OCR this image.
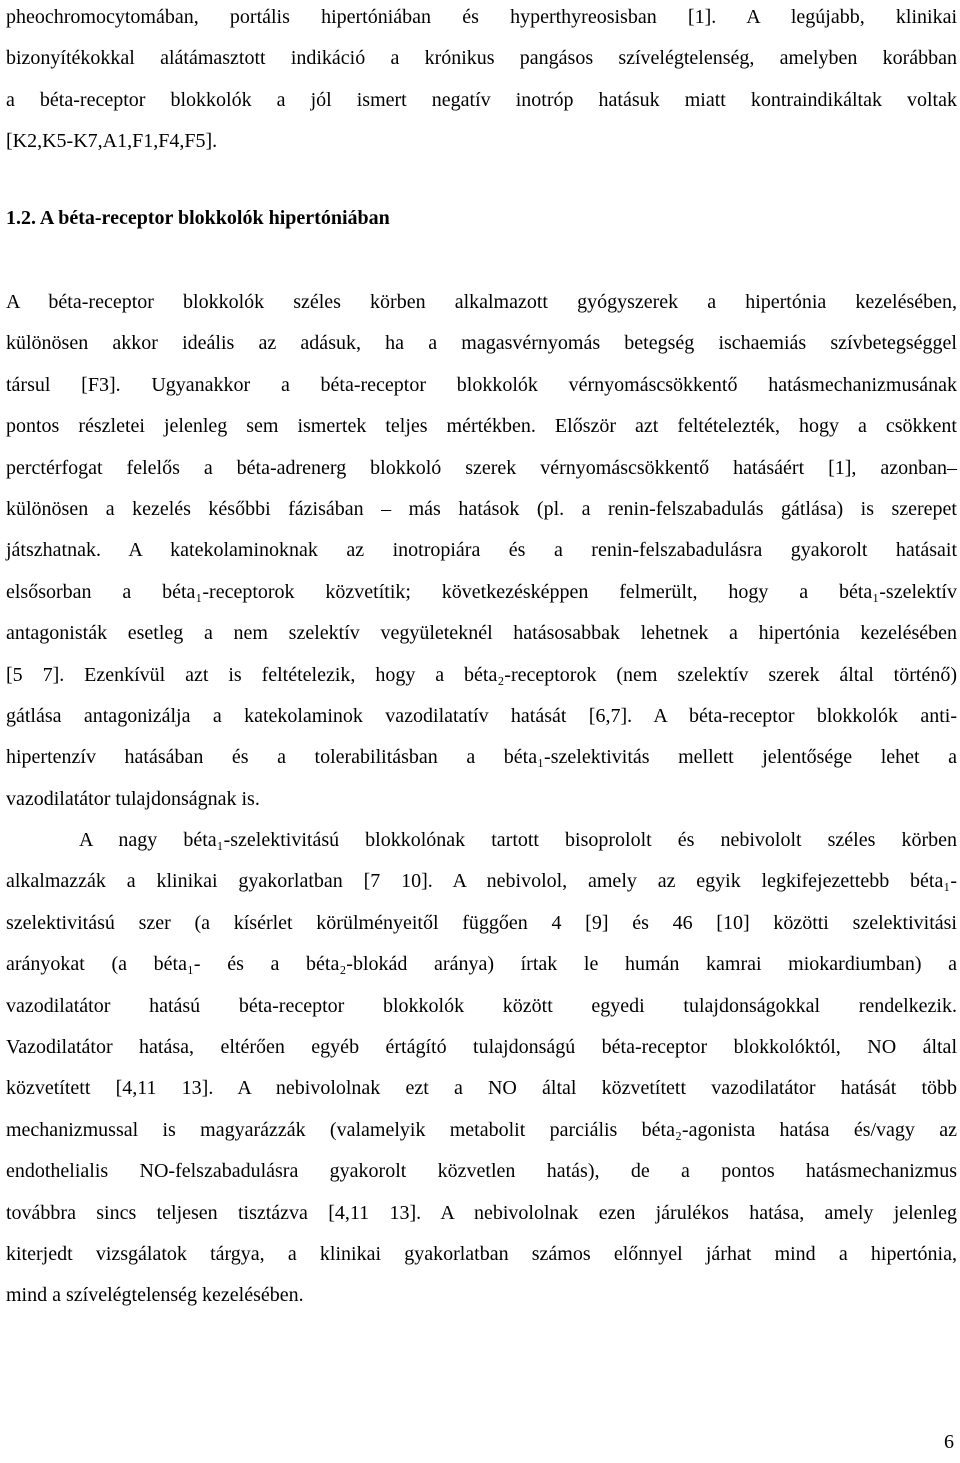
pheochromocytomában, portális hipertóniában és hyperthyreosisban [1]. A legújabb, klinikai
bizonyítékokkal alátámasztott indikáció a krónikus pangásos szívelégtelenség, amelyben korábban
a béta-receptor blokkolók a jól ismert negatív inotróp hatásuk miatt kontraindikáltak voltak
[K2,K5-K7,A1,F1,F4,F5].
1.2. A béta-receptor blokkolók hipertóniában
A béta-receptor blokkolók széles körben alkalmazott gyógyszerek a hipertónia kezelésében,
különösen akkor ideális az adásuk, ha a magasvérnyomás betegség ischaemiás szívbetegséggel
társul [F3]. Ugyanakkor a béta-receptor blokkolók vérnyomáscsökkentő hatásmechanizmusának
pontos részletei jelenleg sem ismertek teljes mértékben. Először azt feltételezték, hogy a csökkent
perctérfogat felelős a béta-adrenerg blokkoló szerek vérnyomáscsökkentő hatásáért [1], azonban–
különösen a kezelés későbbi fázisában – más hatások (pl. a renin-felszabadulás gátlása) is szerepet
játszhatnak. A katekolaminoknak az inotropiára és a renin-felszabadulásra gyakorolt hatásait
elsősorban a béta₁-receptorok közvetítik; következésképpen felmerült, hogy a béta₁-szelektív
antagonisták esetleg a nem szelektív vegyületeknél hatásosabbak lehetnek a hipertónia kezelésében
[5 7]. Ezenkívül azt is feltételezik, hogy a béta₂-receptorok (nem szelektív szerek által történő)
gátlása antagonizálja a katekolaminok vazodilatatív hatását [6,7]. A béta-receptor blokkolók anti-
hipertenzív hatásában és a tolerabilitásban a béta₁-szelektivitás mellett jelentősége lehet a
vazodilatátor tulajdonságnak is.
A nagy béta₁-szelektivitású blokkolónak tartott bisoprololt és nebivololt széles körben
alkalmazzák a klinikai gyakorlatban [7 10]. A nebivolol, amely az egyik legkifejezettebb béta₁-
szelektivitású szer (a kísérlet körülményeitől függően 4 [9] és 46 [10] közötti szelektivitási
arányokat (a béta₁- és a béta₂-blokád aránya) írtak le humán kamrai miokardiumban) a
vazodilatátor hatású béta-receptor blokkolók között egyedi tulajdonságokkal rendelkezik.
Vazodilatátor hatása, eltérően egyéb értágító tulajdonságú béta-receptor blokkolóktól, NO által
közvetített [4,11 13]. A nebivololnak ezt a NO által közvetített vazodilatátor hatását több
mechanizmussal is magyarázzák (valamelyik metabolit parciális béta₂-agonista hatása és/vagy az
endothelialis NO-felszabadulásra gyakorolt közvetlen hatás), de a pontos hatásmechanizmus
továbbra sincs teljesen tisztázva [4,11 13]. A nebivololnak ezen járulékos hatása, amely jelenleg
kiterjedt vizsgálatok tárgya, a klinikai gyakorlatban számos előnnyel járhat mind a hipertónia,
mind a szívelégtelenség kezelésében.
6
